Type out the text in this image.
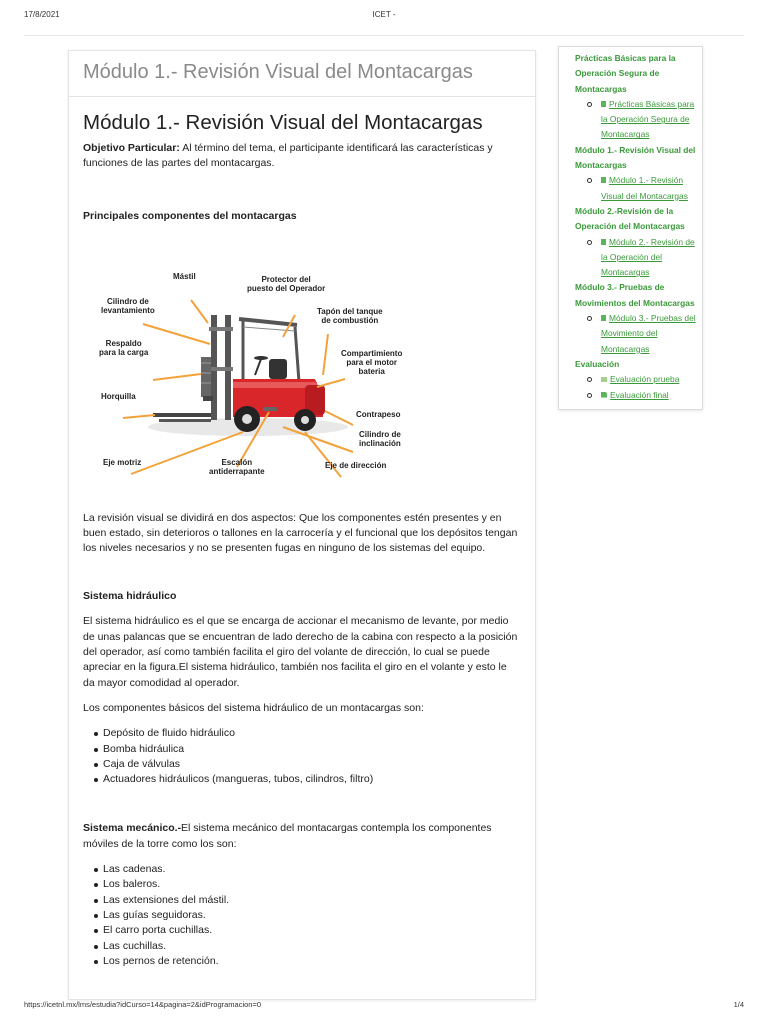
17/8/2021	ICET -
Módulo 1.- Revisión Visual del Montacargas
Módulo 1.- Revisión Visual del Montacargas

Objetivo Particular: Al término del tema, el participante identificará las características y funciones de las partes del montacargas.

Principales componentes del montacargas

Mástil	Protector del
puesto del Operador
Cilindro de
levantamiento	Tapón del tanque
de combustión
Respaldo
para la carga	Compartimiento
para el motor
bateria
Horquilla
Contrapeso
Cilindro de
inclinación
Eje motriz	Escalón
antiderrapante
Eje de dirección

La revisión visual se dividirá en dos aspectos: Que los componentes estén presentes y en buen estado, sin deterioros o tallones en la carrocería y el funcional que los depósitos tengan los niveles necesarios y no se presenten fugas en ninguno de los sistemas del equipo.

Sistema hidráulico

El sistema hidráulico es el que se encarga de accionar el mecanismo de levante, por medio de unas palancas que se encuentran de lado derecho de la cabina con respecto a la posición del operador, así como también facilita el giro del volante de dirección, lo cual se puede apreciar en la figura.El sistema hidráulico, también nos facilita el giro en el volante y esto le da mayor comodidad al operador.

Los componentes básicos del sistema hidráulico de un montacargas son:

Depósito de fluido hidráulico
Bomba hidráulica
Caja de válvulas
Actuadores hidráulicos (mangueras, tubos, cilindros, filtro)

Sistema mecánico.-El sistema mecánico del montacargas contempla los componentes móviles de la torre como los son:

Las cadenas.
Los baleros.
Las extensiones del mástil.
Las guías seguidoras.
El carro porta cuchillas.
Las cuchillas.
Los pernos de retención.
Prácticas Básicas para la Operación Segura de Montacargas
Prácticas Básicas para la Operación Segura de Montacargas
Módulo 1.- Revisión Visual del Montacargas
Módulo 1.- Revisión Visual del Montacargas
Módulo 2.-Revisión de la Operación del Montacargas
Módulo 2.- Revisión de la Operación del Montacargas
Módulo 3.- Pruebas de Movimientos del Montacargas
Módulo 3.- Pruebas del Movimiento del Montacargas
Evaluación
Evaluación prueba
Evaluación final
https://icetnl.mx/lms/estudia?idCurso=14&pagina=2&idProgramacion=0	1/4
